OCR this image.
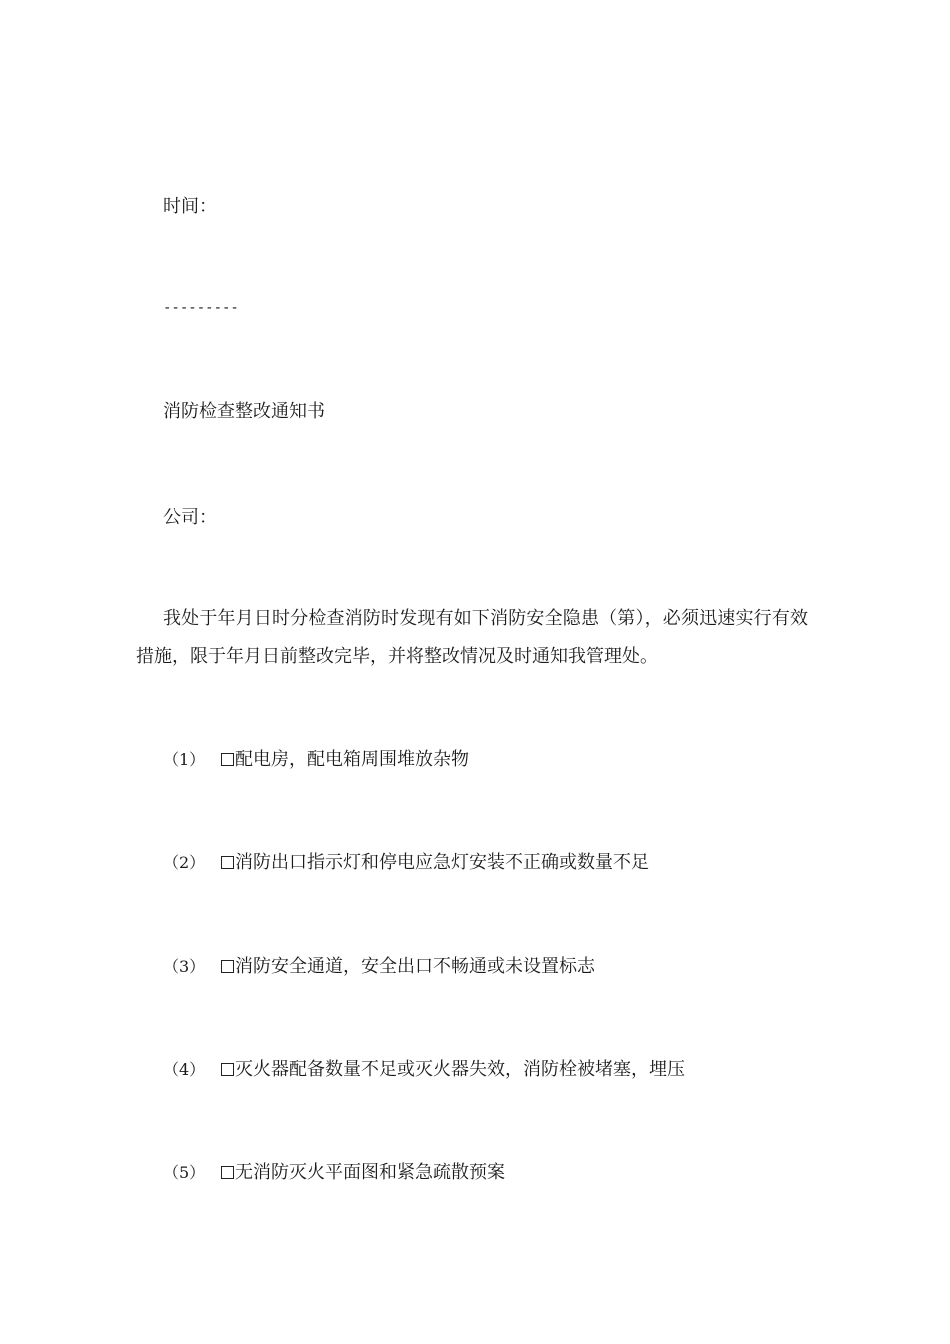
时间：
---------
消防检查整改通知书
公司：
我处于年月日时分检查消防时发现有如下消防安全隐患（第），必须迅速实行有效措施，限于年月日前整改完毕，并将整改情况及时通知我管理处。
（1） 配电房，配电箱周围堆放杂物
（2） 消防出口指示灯和停电应急灯安装不正确或数量不足
（3） 消防安全通道，安全出口不畅通或未设置标志
（4） 灭火器配备数量不足或灭火器失效，消防栓被堵塞，埋压
（5） 无消防灭火平面图和紧急疏散预案
